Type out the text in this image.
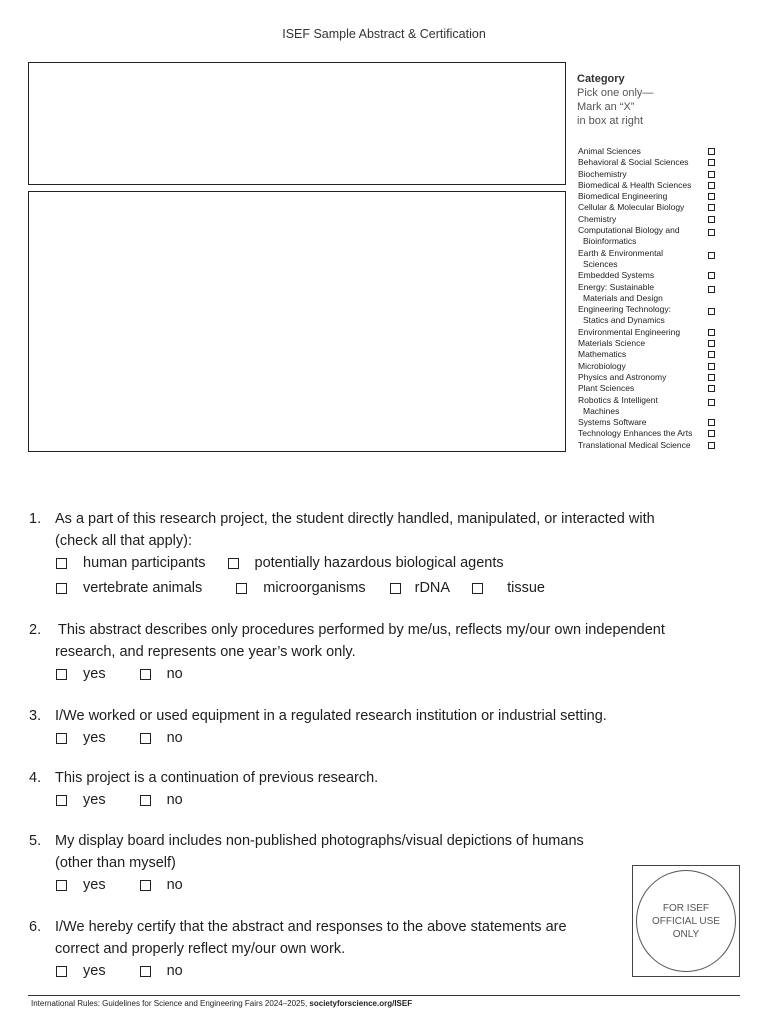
ISEF Sample Abstract & Certification
Category
Pick one only—
Mark an “X”
in box at right
Animal Sciences
Behavioral & Social Sciences
Biochemistry
Biomedical & Health Sciences
Biomedical Engineering
Cellular & Molecular Biology
Chemistry
Computational Biology and

Bioinformatics
Earth & Environmental

Sciences
Embedded Systems
Energy: Sustainable

Materials and Design
Engineering Technology:

Statics and Dynamics
Environmental Engineering
Materials Science
Mathematics
Microbiology
Physics and Astronomy
Plant Sciences
Robotics & Intelligent

Machines
Systems Software
Technology Enhances the Arts
Translational Medical Science
1. As a part of this research project, the student directly handled, manipulated, or interacted with
(check all that apply):
human participants	potentially hazardous biological agents
vertebrate animals	microorganisms	rDNA	tissue
2. This abstract describes only procedures performed by me/us, reflects my/our own independent
research, and represents one year’s work only.
yes	no
3. I/We worked or used equipment in a regulated research institution or industrial setting.
yes	no
4. This project is a continuation of previous research.
yes	no
5. My display board includes non-published photographs/visual depictions of humans
(other than myself)
yes	no
6. I/We hereby certify that the abstract and responses to the above statements are
correct and properly reflect my/our own work.
yes	no
FOR ISEF
OFFICIAL USE
ONLY
International Rules: Guidelines for Science and Engineering Fairs 2024–2025, societyforscience.org/ISEF
